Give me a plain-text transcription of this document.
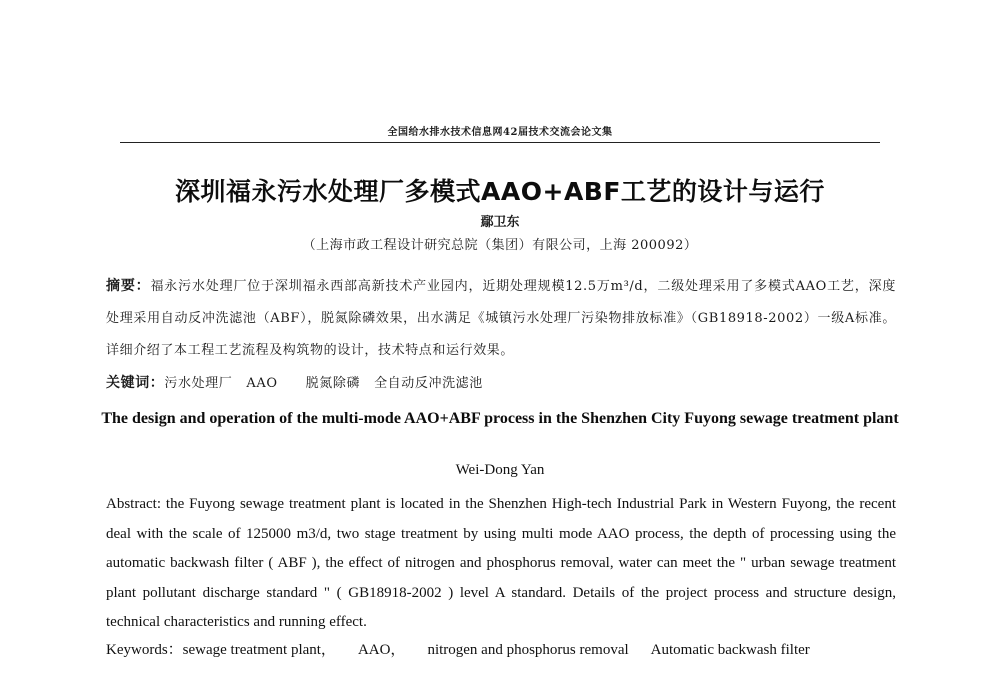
全国给水排水技术信息网42届技术交流会论文集
深圳福永污水处理厂多模式AAO+ABF工艺的设计与运行
鄢卫东
（上海市政工程设计研究总院（集团）有限公司，上海 200092）
摘要：福永污水处理厂位于深圳福永西部高新技术产业园内，近期处理规模12.5万m³/d，二级处理采用了多模式AAO工艺，深度处理采用自动反冲洗滤池（ABF），脱氮除磷效果，出水满足《城镇污水处理厂污染物排放标准》（GB18918-2002）一级A标准。详细介绍了本工程工艺流程及构筑物的设计，技术特点和运行效果。
关键词：污水处理厂 AAO 脱氮除磷 全自动反冲洗滤池
The design and operation of the multi-mode AAO+ABF process in the Shenzhen City Fuyong sewage treatment plant
Wei-Dong Yan
Abstract: the Fuyong sewage treatment plant is located in the Shenzhen High-tech Industrial Park in Western Fuyong, the recent deal with the scale of 125000 m3/d, two stage treatment by using multi mode AAO process, the depth of processing using the automatic backwash filter ( ABF ), the effect of nitrogen and phosphorus removal, water can meet the " urban sewage treatment plant pollutant discharge standard " ( GB18918-2002 ) level A standard. Details of the project process and structure design, technical characteristics and running effect.
Keywords：sewage treatment plant， AAO， nitrogen and phosphorus removal Automatic backwash filter
